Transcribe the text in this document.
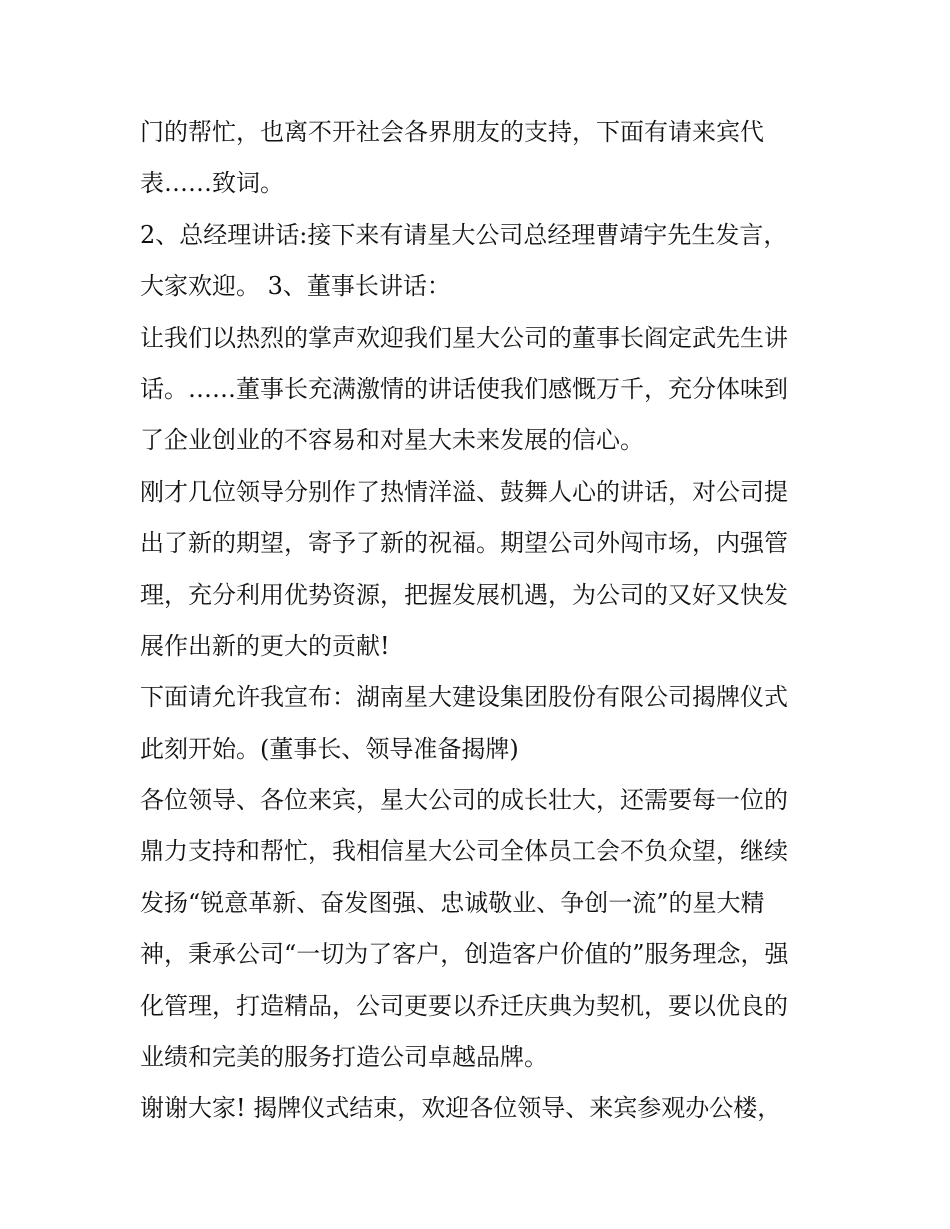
门的帮忙，也离不开社会各界朋友的支持，下面有请来宾代
表……致词。
2、总经理讲话:接下来有请星大公司总经理曹靖宇先生发言，
大家欢迎。 3、董事长讲话：
让我们以热烈的掌声欢迎我们星大公司的董事长阎定武先生讲
话。……董事长充满激情的讲话使我们感慨万千，充分体味到
了企业创业的不容易和对星大未来发展的信心。
刚才几位领导分别作了热情洋溢、鼓舞人心的讲话，对公司提
出了新的期望，寄予了新的祝福。期望公司外闯市场，内强管
理，充分利用优势资源，把握发展机遇，为公司的又好又快发
展作出新的更大的贡献!
下面请允许我宣布：湖南星大建设集团股份有限公司揭牌仪式
此刻开始。(董事长、领导准备揭牌)
各位领导、各位来宾，星大公司的成长壮大，还需要每一位的
鼎力支持和帮忙，我相信星大公司全体员工会不负众望，继续
发扬“锐意革新、奋发图强、忠诚敬业、争创一流”的星大精
神，秉承公司“一切为了客户，创造客户价值的”服务理念，强
化管理，打造精品，公司更要以乔迁庆典为契机，要以优良的
业绩和完美的服务打造公司卓越品牌。
谢谢大家! 揭牌仪式结束，欢迎各位领导、来宾参观办公楼，
